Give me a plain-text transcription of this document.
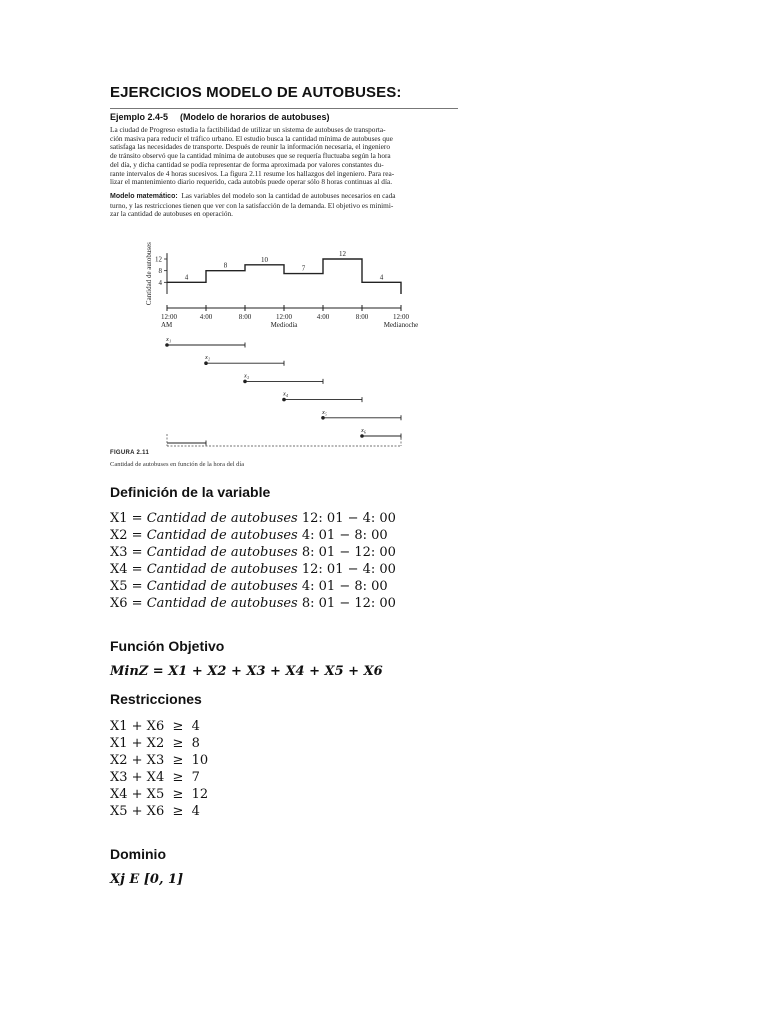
EJERCICIOS MODELO DE AUTOBUSES:
Ejemplo 2.4-5 (Modelo de horarios de autobuses)
La ciudad de Progreso estudia la factibilidad de utilizar un sistema de autobuses de transporta-
ción masiva para reducir el tráfico urbano. El estudio busca la cantidad mínima de autobuses que
satisfaga las necesidades de transporte. Después de reunir la información necesaria, el ingeniero
de tránsito observó que la cantidad mínima de autobuses que se requería fluctuaba según la hora
del día, y dicha cantidad se podía representar de forma aproximada por valores constantes du-
rante intervalos de 4 horas sucesivos. La figura 2.11 resume los hallazgos del ingeniero. Para rea-
lizar el mantenimiento diario requerido, cada autobús puede operar sólo 8 horas continuas al día.
Modelo matemático: Las variables del modelo son la cantidad de autobuses necesarios en cada
turno, y las restricciones tienen que ver con la satisfacción de la demanda. El objetivo es minimi-
zar la cantidad de autobuses en operación.
Cantidad de autobuses 12
8
4
12:00
AM
4:00	8:00	12:00
Mediodía
4:00	8:00	12:00
Medianoche
4
8
10
7
12
4
x₁
x₂
x₃
x₄
x₅
x₆
FIGURA 2.11
Cantidad de autobuses en función de la hora del día
Definición de la variable
X1 = Cantidad de autobuses 12: 01 − 4: 00
X2 = Cantidad de autobuses 4: 01 − 8: 00
X3 = Cantidad de autobuses 8: 01 − 12: 00
X4 = Cantidad de autobuses 12: 01 − 4: 00
X5 = Cantidad de autobuses 4: 01 − 8: 00
X6 = Cantidad de autobuses 8: 01 − 12: 00
Función Objetivo
MinZ = X1 + X2 + X3 + X4 + X5 + X6
Restricciones
X1 + X6  ≥  4
X1 + X2  ≥  8
X2 + X3  ≥  10
X3 + X4  ≥  7
X4 + X5  ≥  12
X5 + X6  ≥  4
Dominio
Xj E [0, 1]
